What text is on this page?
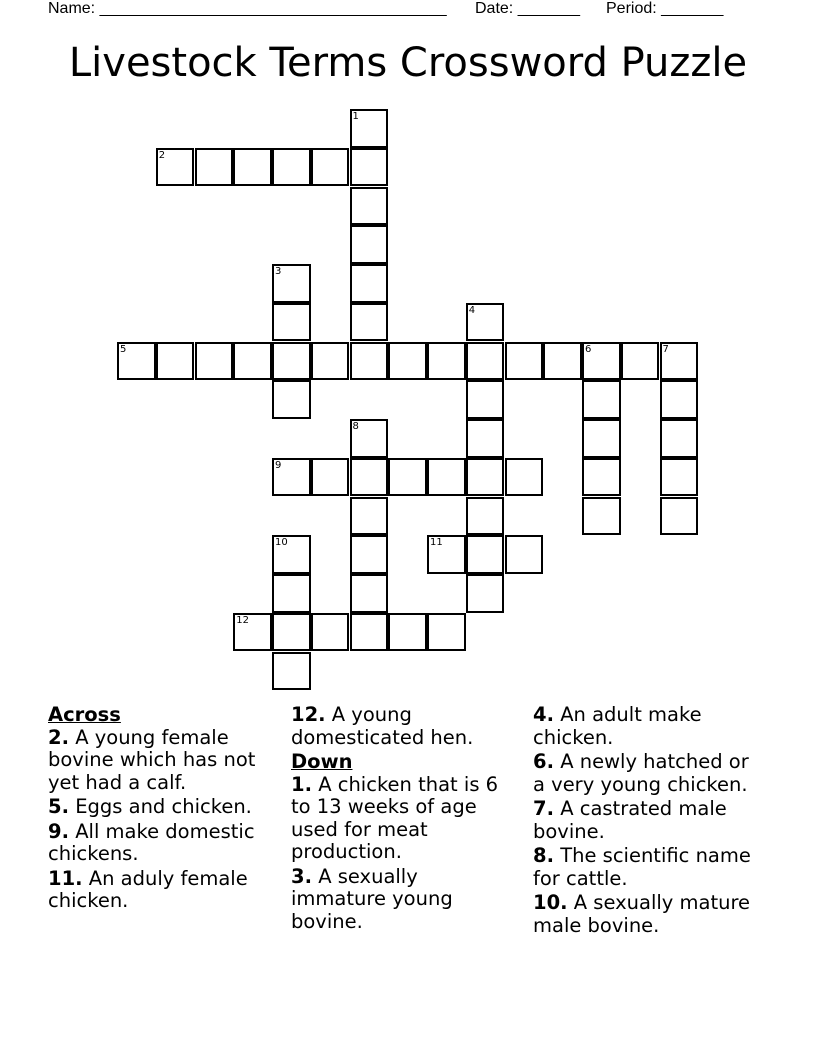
Name: _______________________________________ Date: _______ Period: _______
Livestock Terms Crossword Puzzle
1
2
3
4
5	6	7
8
9
10	11
12
Across
2. A young female bovine which has not yet had a calf.
5. Eggs and chicken.
9. All make domestic chickens.
11. An aduly female chicken.
12. A young domesticated hen.
Down
1. A chicken that is 6 to 13 weeks of age used for meat production.
3. A sexually immature young bovine.
4. An adult make chicken.
6. A newly hatched or a very young chicken.
7. A castrated male bovine.
8. The scientific name for cattle.
10. A sexually mature male bovine.
